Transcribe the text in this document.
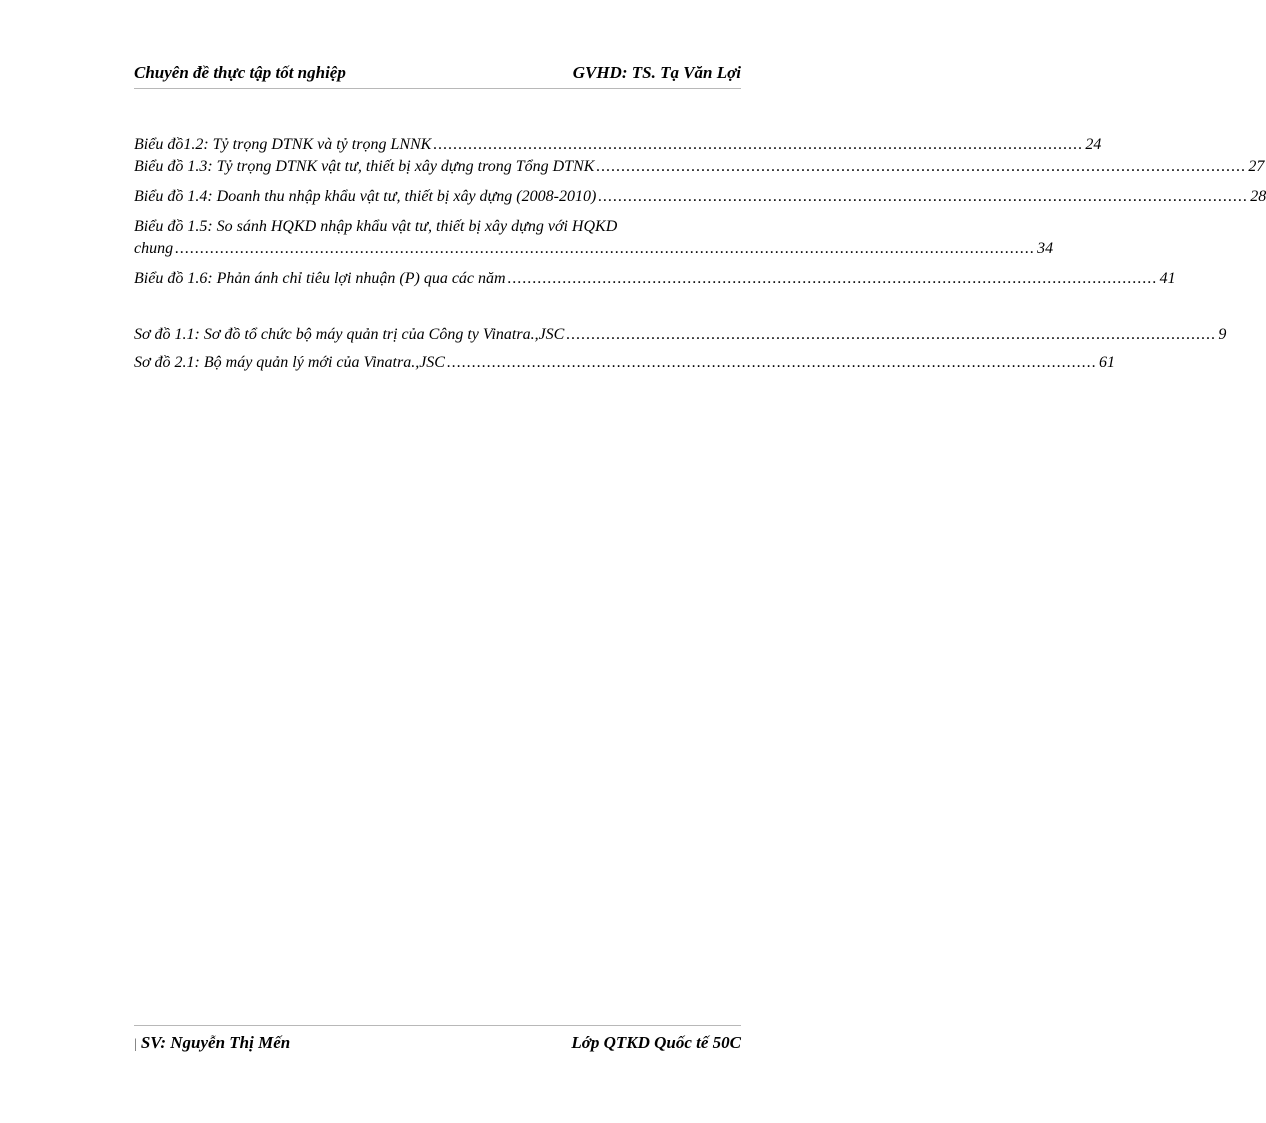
Chuyên đề thực tập tốt nghiệp	GVHD: TS. Tạ Văn Lợi
Biểu đồ1.2: Tỷ trọng DTNK và tỷ trọng LNNK .................................................................................................................................. 24
Biểu đồ 1.3: Tỷ trọng DTNK vật tư, thiết bị xây dựng trong Tổng DTNK .................................................................................................................................. 27
Biểu đồ 1.4: Doanh thu nhập khẩu vật tư, thiết bị xây dựng (2008-2010) .................................................................................................................................. 28
Biểu đồ 1.5: So sánh HQKD nhập khẩu vật tư, thiết bị xây dựng với HQKD
chung ............................................................................................................................................................................ 34
Biểu đồ 1.6: Phản ánh chỉ tiêu lợi nhuận (P) qua các năm .................................................................................................................................. 41
Sơ đồ 1.1: Sơ đồ tổ chức bộ máy quản trị của Công ty Vinatra.,JSC .................................................................................................................................. 9
Sơ đồ 2.1: Bộ máy quản lý mới của Vinatra.,JSC .................................................................................................................................. 61
| SV: Nguyễn Thị Mến	Lớp QTKD Quốc tế 50C
